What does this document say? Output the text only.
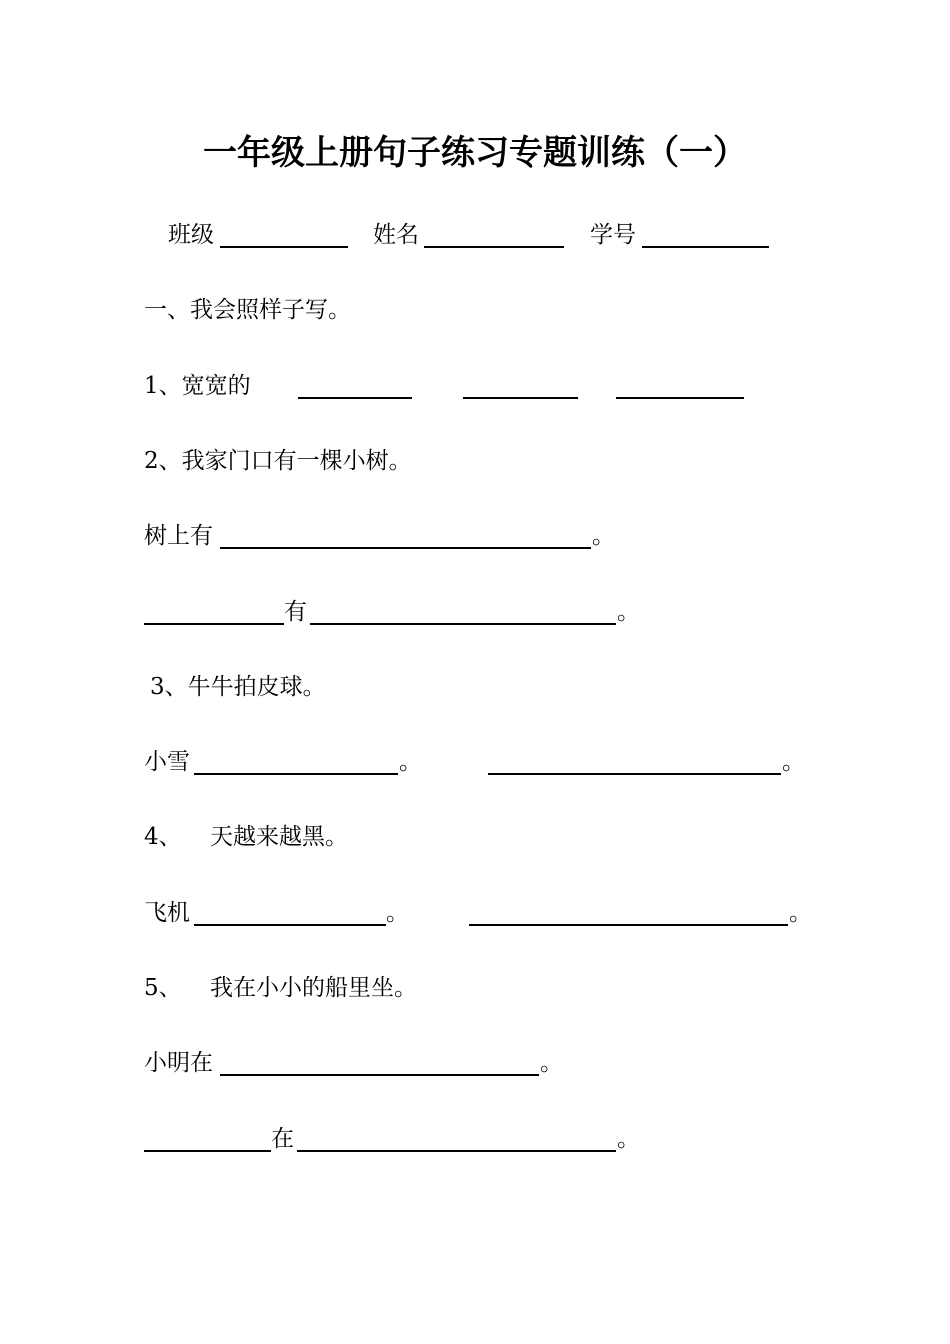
一年级上册句子练习专题训练（一）
班级	姓名	学号
一、我会照样子写。
1、宽宽的
2、我家门口有一棵小树。
树上有	。
有	。
3、牛牛拍皮球。
小雪	。	。
4、 天越来越黑。
飞机	。	。
5、 我在小小的船里坐。
小明在	。
在	。
